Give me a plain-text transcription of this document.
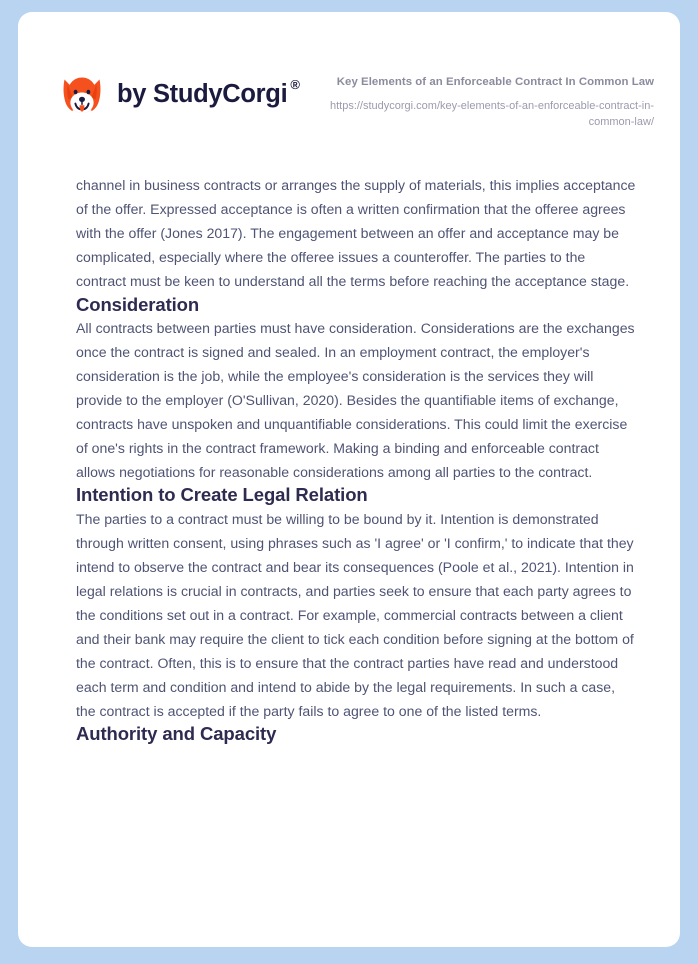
by StudyCorgi ®	Key Elements of an Enforceable Contract In Common Law
https://studycorgi.com/key-elements-of-an-enforceable-contract-in-common-law/

channel in business contracts or arranges the supply of materials, this implies acceptance of the offer. Expressed acceptance is often a written confirmation that the offeree agrees with the offer (Jones 2017). The engagement between an offer and acceptance may be complicated, especially where the offeree issues a counteroffer. The parties to the contract must be keen to understand all the terms before reaching the acceptance stage.

Consideration

All contracts between parties must have consideration. Considerations are the exchanges once the contract is signed and sealed. In an employment contract, the employer's consideration is the job, while the employee's consideration is the services they will provide to the employer (O'Sullivan, 2020). Besides the quantifiable items of exchange, contracts have unspoken and unquantifiable considerations. This could limit the exercise of one's rights in the contract framework. Making a binding and enforceable contract allows negotiations for reasonable considerations among all parties to the contract.

Intention to Create Legal Relation

The parties to a contract must be willing to be bound by it. Intention is demonstrated through written consent, using phrases such as 'I agree' or 'I confirm,' to indicate that they intend to observe the contract and bear its consequences (Poole et al., 2021). Intention in legal relations is crucial in contracts, and parties seek to ensure that each party agrees to the conditions set out in a contract. For example, commercial contracts between a client and their bank may require the client to tick each condition before signing at the bottom of the contract. Often, this is to ensure that the contract parties have read and understood each term and condition and intend to abide by the legal requirements. In such a case, the contract is accepted if the party fails to agree to one of the listed terms.

Authority and Capacity
